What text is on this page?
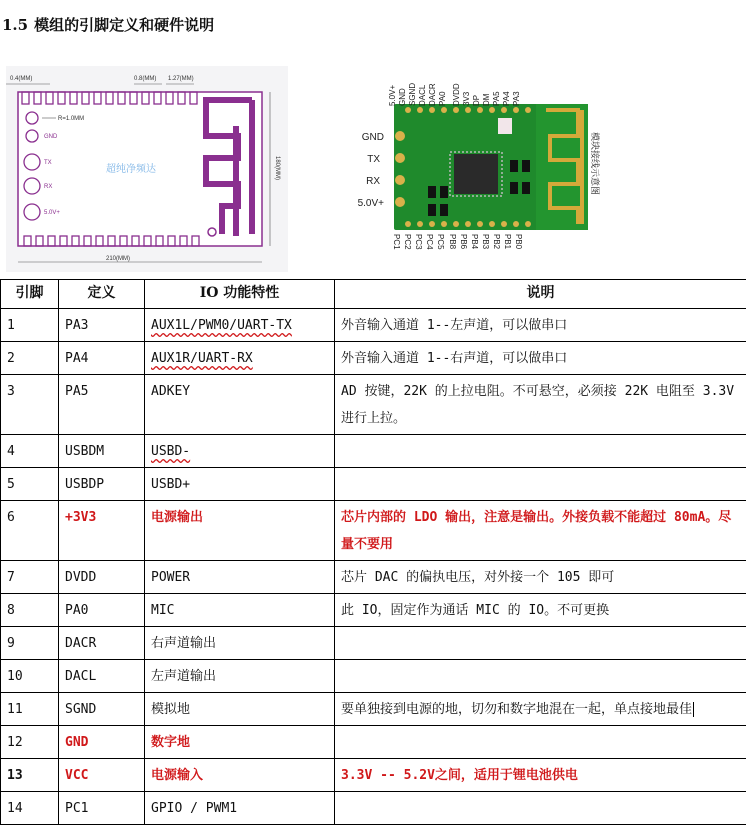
1.5 模组的引脚定义和硬件说明
0.4(MM)	0.8(MM) 1.27(MM)
R=1.0MM
210(MM)
180(MM)
GND
TX
RX
5.0V+
超纯净频达
5.0V+ GND SGND DACL DACR PA0 DVDD 3V3 DP DM PA5 PA4 PA3
PC1 PC2 PC3 PC4 PC5 PB8 PB6 PB4 PB3 PB2 PB1 PB0
GND
TX
RX
5.0V+
模块接线示意图
引脚	定义	IO 功能特性	说明
1	PA3	AUX1L/PWM0/UART-TX	外音输入通道 1--左声道，可以做串口
2	PA4	AUX1R/UART-RX	外音输入通道 1--右声道，可以做串口
3	PA5	ADKEY	AD 按键，22K 的上拉电阻。不可悬空，必须接 22K 电阻至 3.3V 进行上拉。
4	USBDM	USBD-	
5	USBDP	USBD+	
6	+3V3	电源输出	芯片内部的 LDO 输出，注意是输出。外接负载不能超过 80mA。尽量不要用
7	DVDD	POWER	芯片 DAC 的偏执电压，对外接一个 105 即可
8	PA0	MIC	此 IO，固定作为通话 MIC 的 IO。不可更换
9	DACR	右声道输出	
10	DACL	左声道输出	
11	SGND	模拟地	要单独接到电源的地，切勿和数字地混在一起，单点接地最佳
12	GND	数字地	
13	VCC	电源输入	3.3V -- 5.2V之间，适用于锂电池供电
14	PC1	GPIO / PWM1	
